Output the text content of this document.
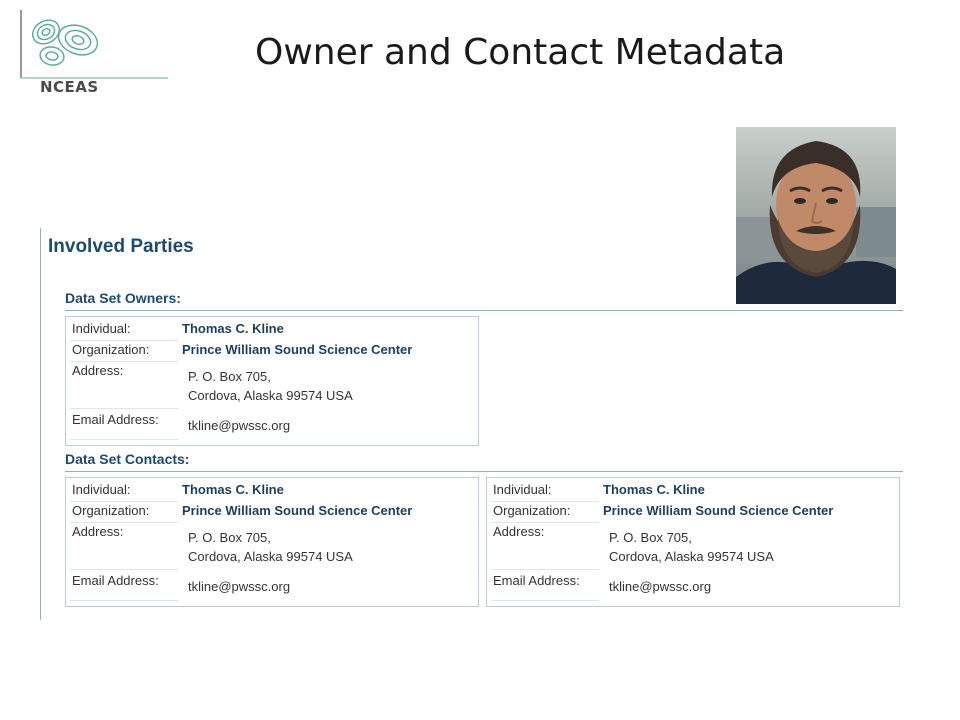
NCEAS
Owner and Contact Metadata
Involved Parties
Data Set Owners:
Individual:	Thomas C. Kline
Organization:	Prince William Sound Science Center
Address:	P. O. Box 705,
Cordova, Alaska 99574 USA
Email Address:	tkline@pwssc.org
Data Set Contacts:
Individual:	Thomas C. Kline
Organization:	Prince William Sound Science Center
Address:	P. O. Box 705,
Cordova, Alaska 99574 USA
Email Address:	tkline@pwssc.org
Individual:	Thomas C. Kline
Organization:	Prince William Sound Science Center
Address:	P. O. Box 705,
Cordova, Alaska 99574 USA
Email Address:	tkline@pwssc.org
